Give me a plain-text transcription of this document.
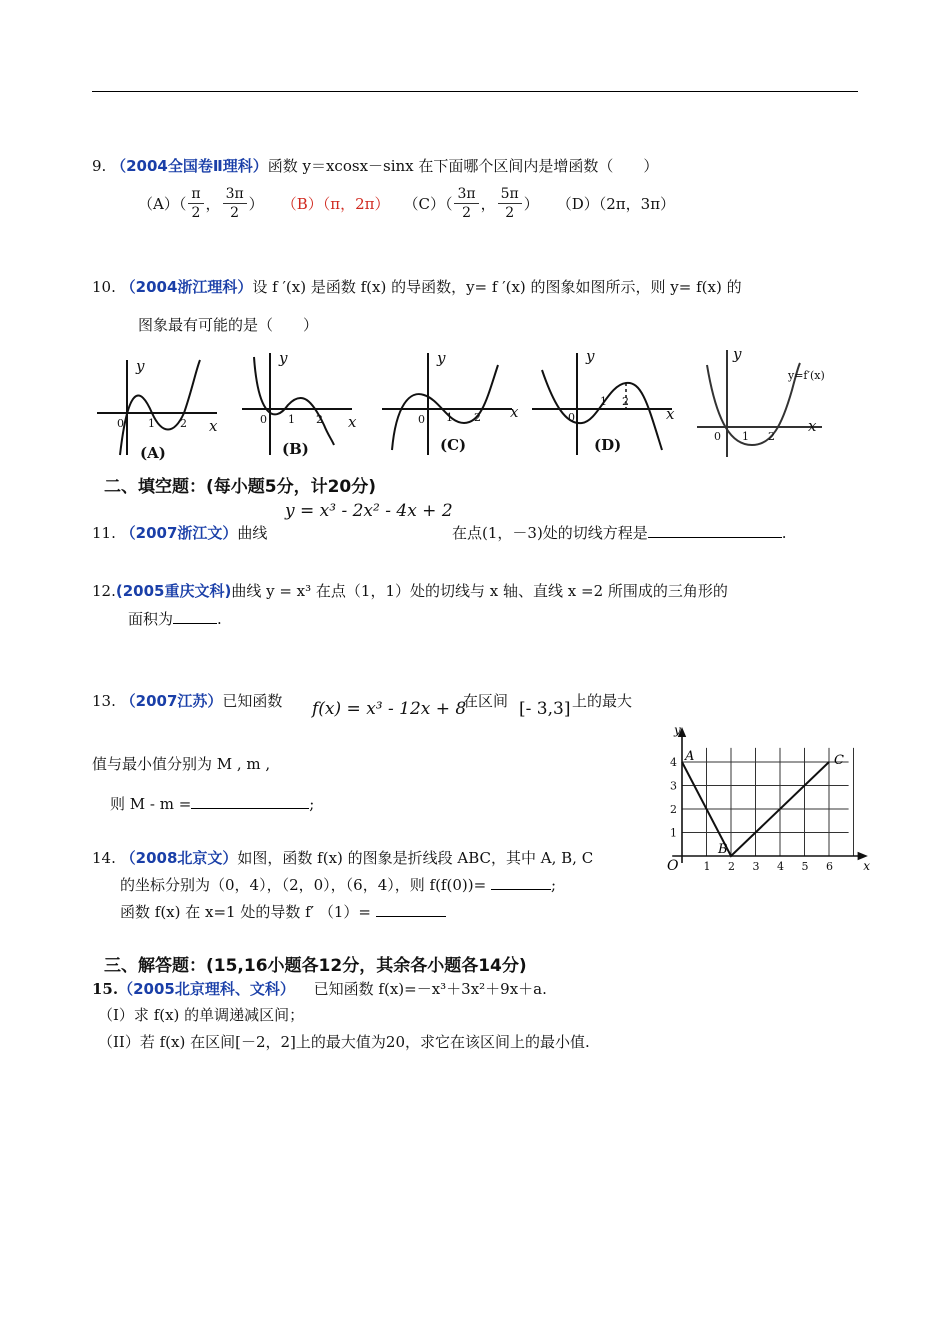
9. （2004全国卷Ⅱ理科）函数 y＝xcosx－sinx 在下面哪个区间内是增函数（　　）
$(A)( \frac{\pi}{2}$ ， $\frac{3\pi}{2}$ ） （B）（π，2π） $(C)( \frac{3\pi}{2}$ ， $\frac{5\pi}{2}$ ） （D）（2π，3π）
10. （2004浙江理科）设 f ′(x) 是函数 f(x) 的导函数，y= f ′(x) 的图象如图所示，则 y= f(x) 的
图象最有可能的是（　　）
y
x
y
x
y
x
y
x
y
x
0 1 2	0 1 2	0 1 2	0
1 2
0 1 2
y=f′(x)
(A)	(B)	(C)	(D)
二、填空题：(每小题5分，计20分)
11. （2007浙江文）曲线
y = x³ - 2x² - 4x + 2
在点(1，－3)处的切线方程是	.
12.(2005重庆文科)曲线 y = x³ 在点（1，1）处的切线与 x 轴、直线 x =2 所围成的三角形的
面积为	.
13. （2007江苏）已知函数 f(x) = x³ - 12x + 8
在区间 [- 3,3] 上的最大
值与最小值分别为 M , m ,
则 M - m =	;
14. （2008北京文）如图，函数 f(x) 的图象是折线段 ABC，其中 A, B, C
的坐标分别为（0，4），（2，0），（6，4），则 f(f(0))=	;
函数 f(x) 在 x=1 处的导数 f′ （1）=
1 2 3 4 5 6
1
2
3
4
O	x
y
A
B
C
三、解答题：(15,16小题各12分，其余各小题各14分)
15.（2005北京理科、文科） 已知函数 f(x)=－x³＋3x²＋9x＋a.
（I）求 f(x) 的单调递减区间；
（II）若 f(x) 在区间[－2，2]上的最大值为20，求它在该区间上的最小值.
